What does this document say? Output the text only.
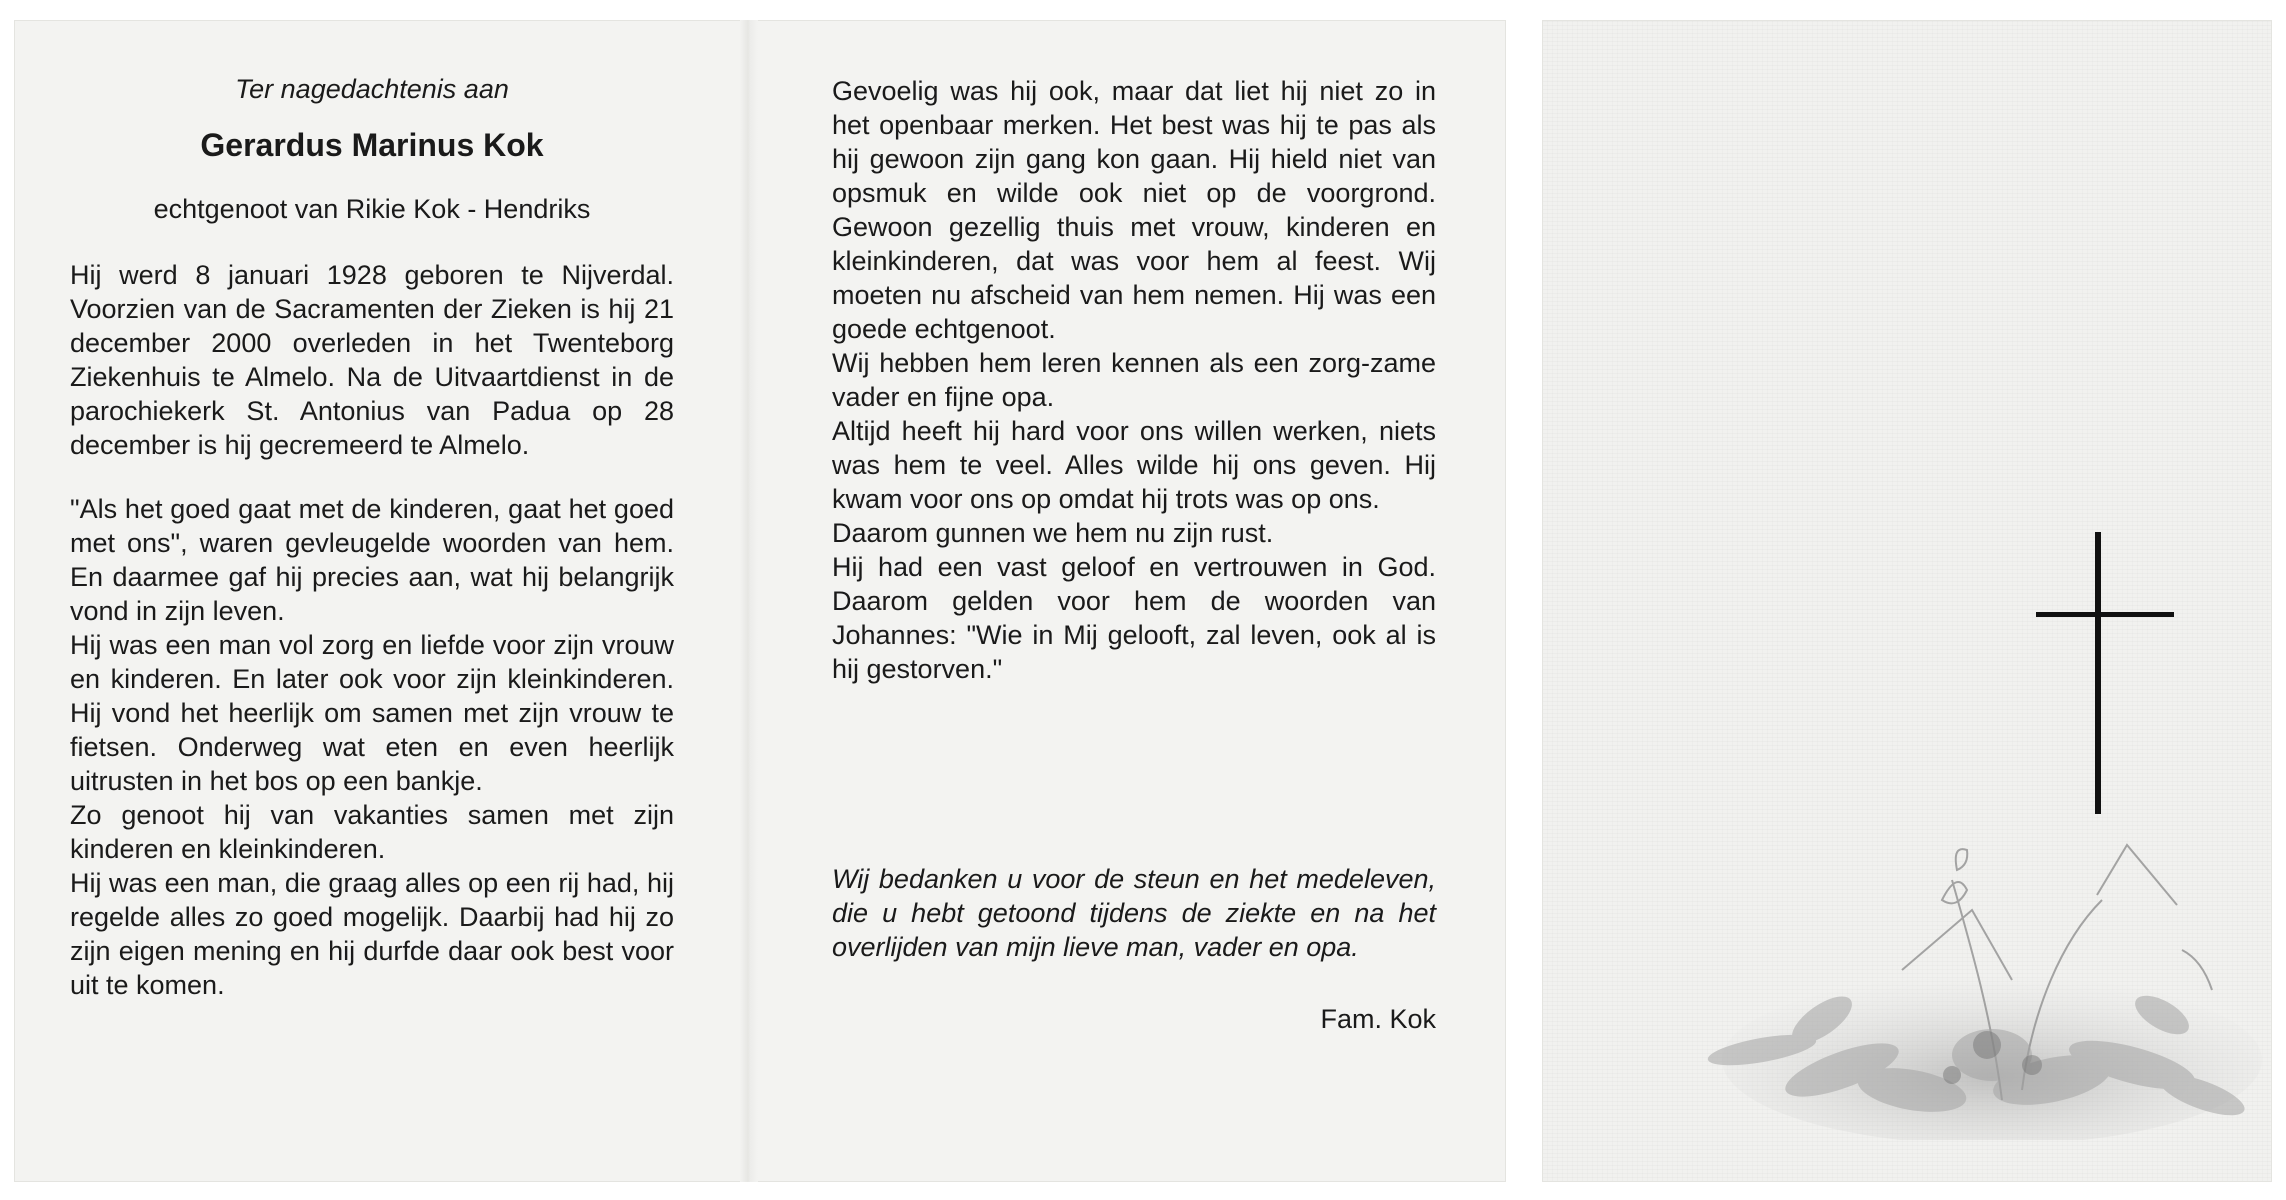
Ter nagedachtenis aan
Gerardus Marinus Kok
echtgenoot van Rikie Kok - Hendriks

Hij werd 8 januari 1928 geboren te Nijverdal. Voorzien van de Sacramenten der Zieken is hij 21 december 2000 overleden in het Twenteborg Ziekenhuis te Almelo. Na de Uitvaartdienst in de parochiekerk St. Antonius van Padua op 28 december is hij gecremeerd te Almelo.

"Als het goed gaat met de kinderen, gaat het goed met ons", waren gevleugelde woorden van hem. En daarmee gaf hij precies aan, wat hij belangrijk vond in zijn leven.

Hij was een man vol zorg en liefde voor zijn vrouw en kinderen. En later ook voor zijn kleinkinderen. Hij vond het heerlijk om samen met zijn vrouw te fietsen. Onderweg wat eten en even heerlijk uitrusten in het bos op een bankje.

Zo genoot hij van vakanties samen met zijn kinderen en kleinkinderen.

Hij was een man, die graag alles op een rij had, hij regelde alles zo goed mogelijk. Daarbij had hij zo zijn eigen mening en hij durfde daar ook best voor uit te komen.

Gevoelig was hij ook, maar dat liet hij niet zo in het openbaar merken. Het best was hij te pas als hij gewoon zijn gang kon gaan. Hij hield niet van opsmuk en wilde ook niet op de voorgrond. Gewoon gezellig thuis met vrouw, kinderen en kleinkinderen, dat was voor hem al feest. Wij moeten nu afscheid van hem nemen. Hij was een goede echtgenoot.

Wij hebben hem leren kennen als een zorg-zame vader en fijne opa.

Altijd heeft hij hard voor ons willen werken, niets was hem te veel. Alles wilde hij ons geven. Hij kwam voor ons op omdat hij trots was op ons.

Daarom gunnen we hem nu zijn rust.

Hij had een vast geloof en vertrouwen in God. Daarom gelden voor hem de woorden van Johannes: "Wie in Mij gelooft, zal leven, ook al is hij gestorven."

Wij bedanken u voor de steun en het medeleven, die u hebt getoond tijdens de ziekte en na het overlijden van mijn lieve man, vader en opa.

Fam. Kok
